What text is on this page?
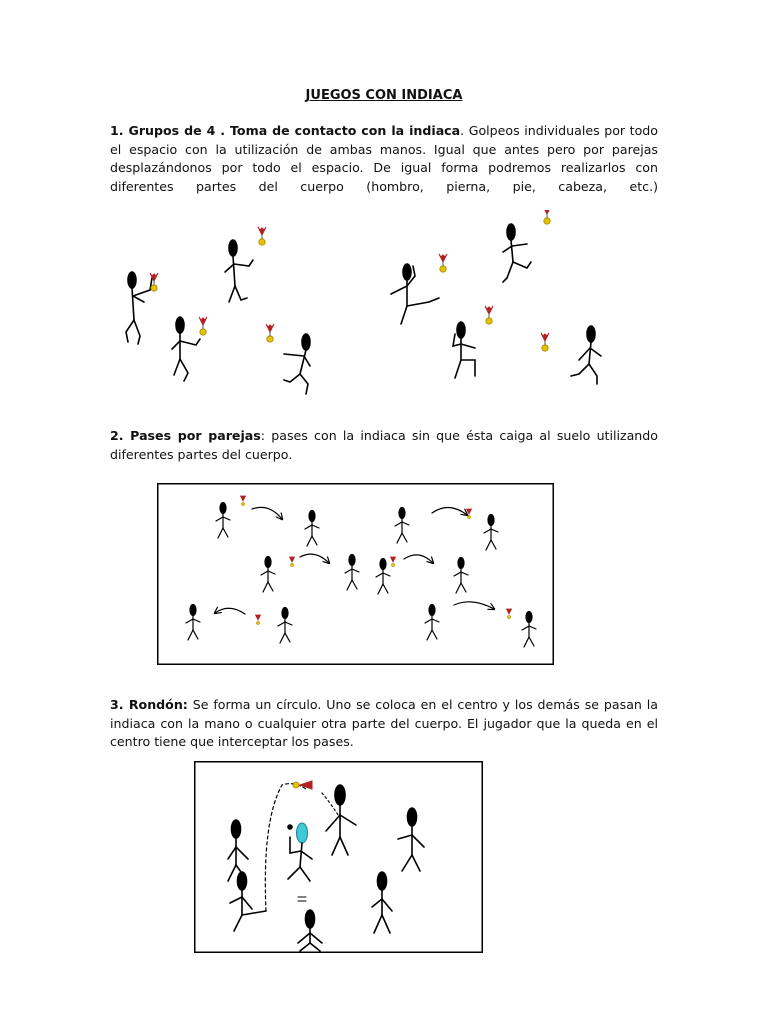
JUEGOS CON INDIACA
1. Grupos de 4 . Toma de contacto con la indiaca. Golpeos individuales por todo el espacio con la utilización de ambas manos. Igual que antes pero por parejas desplazándonos por todo el espacio. De igual forma podremos realizarlos con diferentes partes del cuerpo (hombro, pierna, pie, cabeza, etc.)
2. Pases por parejas: pases con la indiaca sin que ésta caiga al suelo utilizando diferentes partes del cuerpo.
3. Rondón: Se forma un círculo. Uno se coloca en el centro y los demás se pasan la indiaca con la mano o cualquier otra parte del cuerpo. El jugador que la queda en el centro tiene que interceptar los pases.
